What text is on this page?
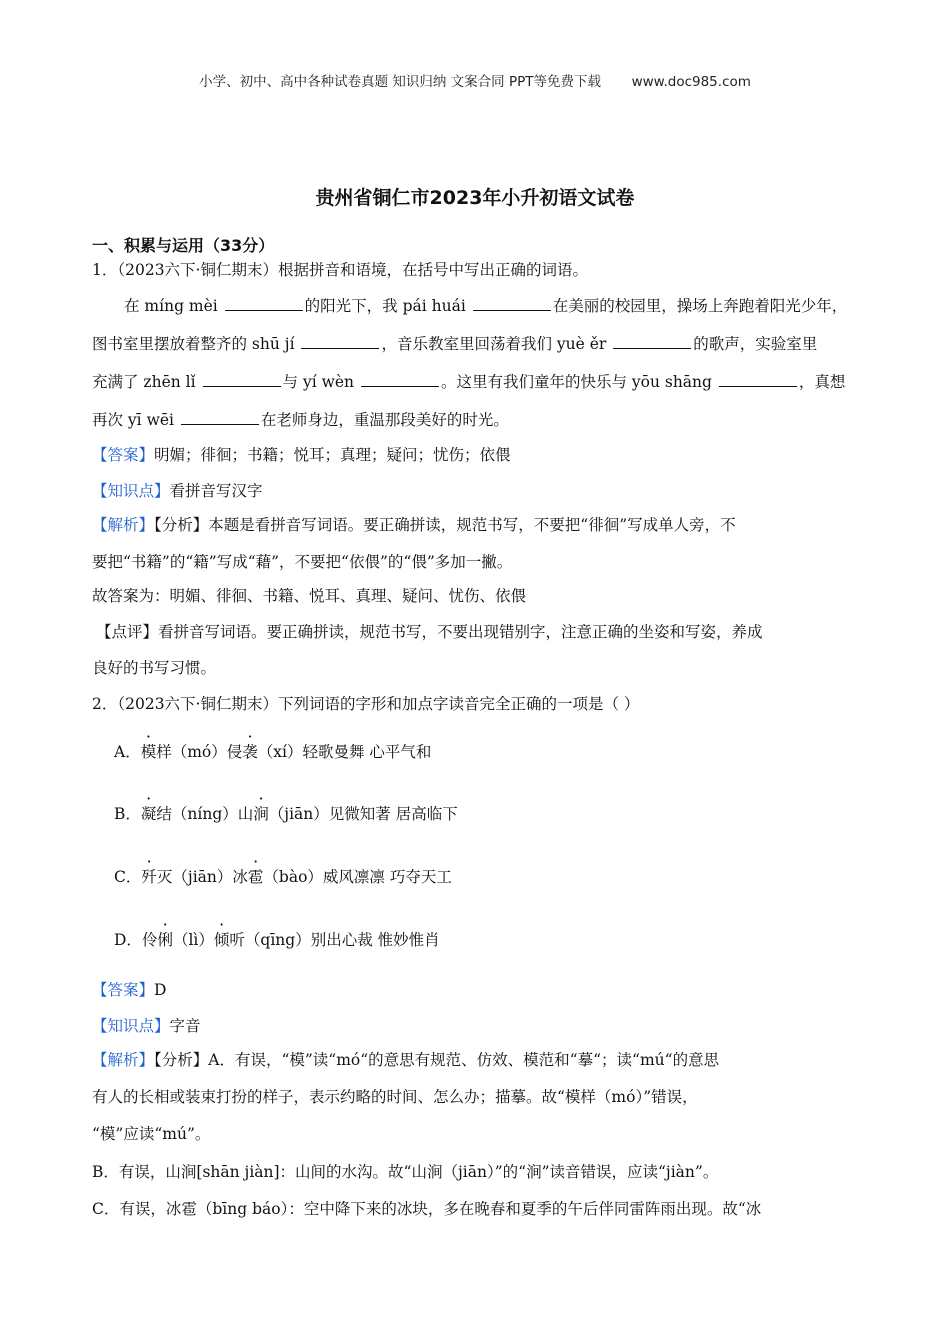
小学、初中、高中各种试卷真题 知识归纳 文案合同 PPT等免费下载 www.doc985.com
贵州省铜仁市2023年小升初语文试卷
一、积累与运用（33分）
1．（2023六下·铜仁期末）根据拼音和语境，在括号中写出正确的词语。
在 míng mèi	的阳光下，我 pái huái	在美丽的校园里，操场上奔跑着阳光少年，
图书室里摆放着整齐的 shū jí	，音乐教室里回荡着我们 yuè ěr	的歌声，实验室里
充满了 zhēn lǐ	与 yí wèn	。这里有我们童年的快乐与 yōu shāng	，真想
再次 yī wēi	在老师身边，重温那段美好的时光。
【答案】明媚；徘徊；书籍；悦耳；真理；疑问；忧伤；依偎
【知识点】看拼音写汉字
【解析】【分析】本题是看拼音写词语。要正确拼读，规范书写，不要把“徘徊”写成单人旁，不
要把“书籍”的“籍”写成“藉”，不要把“依偎”的“偎”多加一撇。
故答案为：明媚、徘徊、书籍、悦耳、真理、疑问、忧伤、依偎
【点评】看拼音写词语。要正确拼读，规范书写，不要出现错别字，注意正确的坐姿和写姿，养成
良好的书写习惯。
2．（2023六下·铜仁期末）下列词语的字形和加点字读音完全正确的一项是（ ）
A．模样（mó）侵袭（xí）轻歌曼舞 心平气和
B．凝结（níng）山涧（jiān）见微知著 居高临下
C．歼灭（jiān）冰雹（bào）威风凛凛 巧夺天工
D．伶俐（lì）倾听（qīng）别出心裁 惟妙惟肖
【答案】D
【知识点】字音
【解析】【分析】A．有误，“模”读“mó“的意思有规范、仿效、模范和“摹“；读“mú“的意思
有人的长相或装束打扮的样子，表示约略的时间、怎么办；描摹。故“模样（mó）”错误，
“模”应读“mú”。
B．有误，山涧[shān jiàn]：山间的水沟。故“山涧（jiān）”的“涧”读音错误，应读“jiàn”。
C．有误，冰雹（bīng báo）：空中降下来的冰块，多在晚春和夏季的午后伴同雷阵雨出现。故“冰
